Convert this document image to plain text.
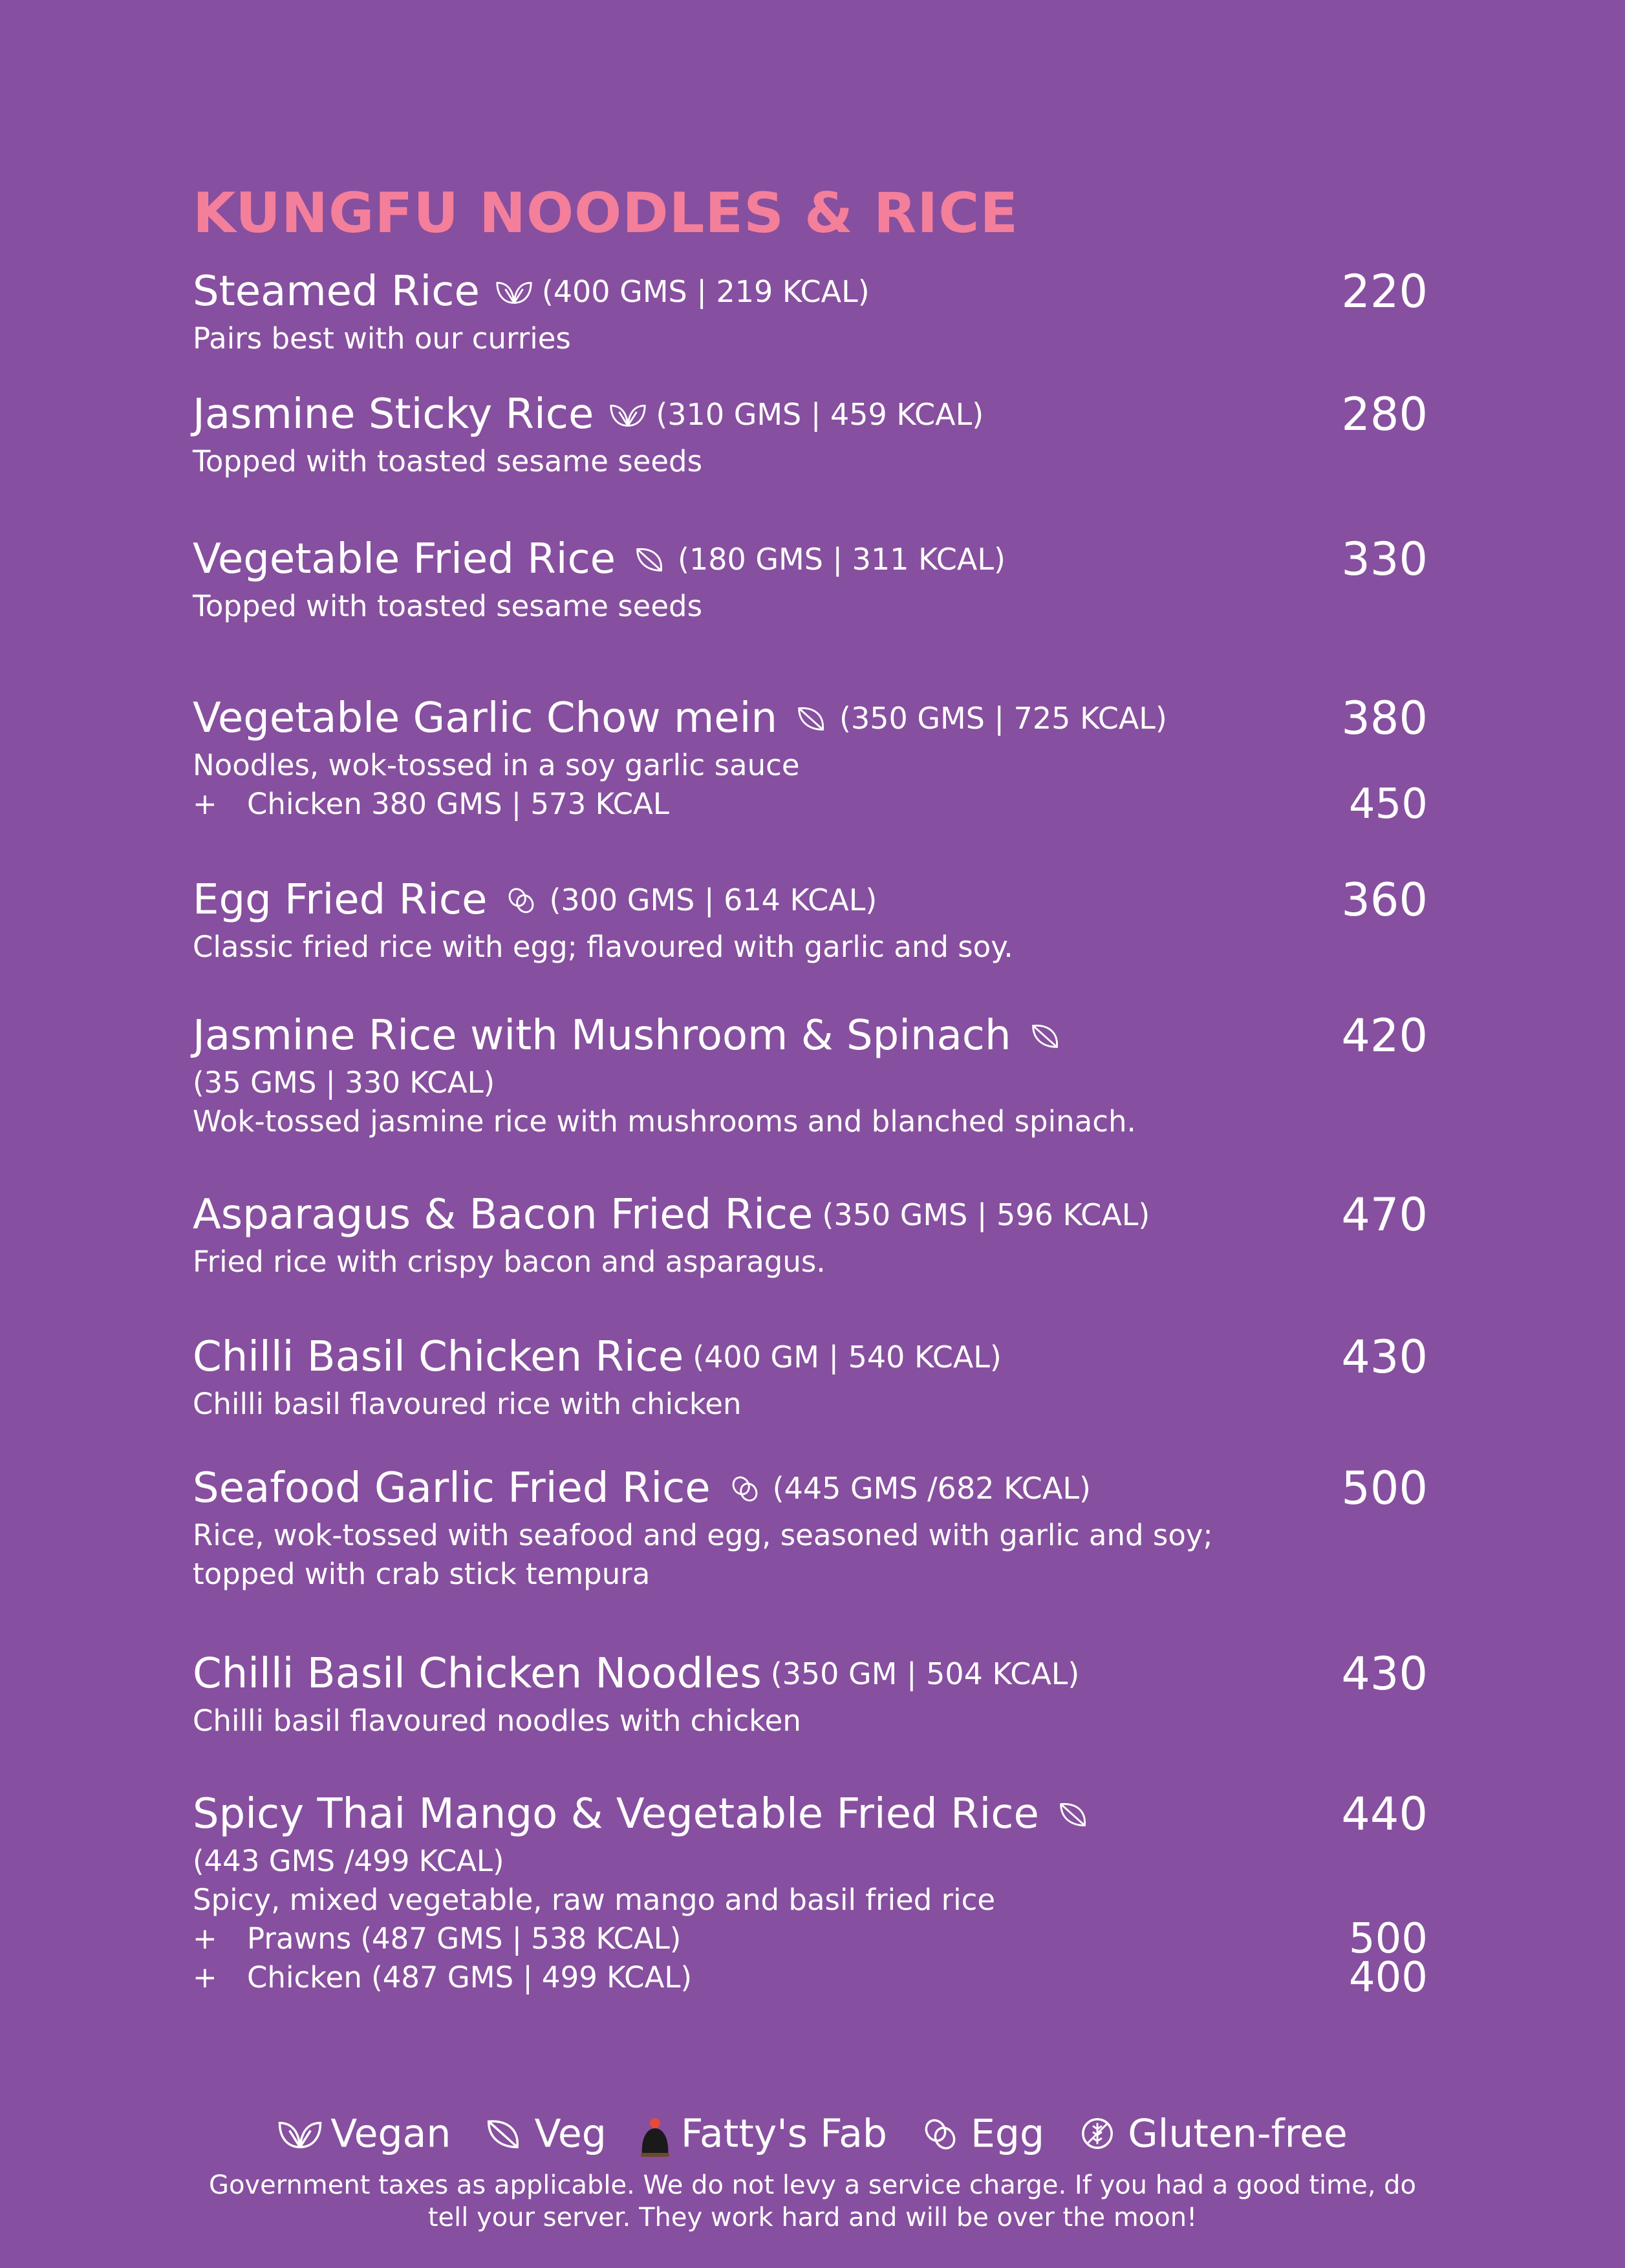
KUNGFU NOODLES & RICE
Steamed Rice (400 GMS | 219 KCAL)	220
Pairs best with our curries
Jasmine Sticky Rice (310 GMS | 459 KCAL)	280
Topped with toasted sesame seeds
Vegetable Fried Rice (180 GMS | 311 KCAL)	330
Topped with toasted sesame seeds
Vegetable Garlic Chow mein (350 GMS | 725 KCAL)	380
Noodles, wok-tossed in a soy garlic sauce
+ Chicken 380 GMS | 573 KCAL	450
Egg Fried Rice (300 GMS | 614 KCAL)	360
Classic fried rice with egg; flavoured with garlic and soy.
Jasmine Rice with Mushroom & Spinach	420
(35 GMS | 330 KCAL)
Wok-tossed jasmine rice with mushrooms and blanched spinach.
Asparagus & Bacon Fried Rice (350 GMS | 596 KCAL)	470
Fried rice with crispy bacon and asparagus.
Chilli Basil Chicken Rice (400 GM | 540 KCAL)	430
Chilli basil flavoured rice with chicken
Seafood Garlic Fried Rice (445 GMS /682 KCAL)	500
Rice, wok-tossed with seafood and egg, seasoned with garlic and soy;
topped with crab stick tempura
Chilli Basil Chicken Noodles (350 GM | 504 KCAL)	430
Chilli basil flavoured noodles with chicken
Spicy Thai Mango & Vegetable Fried Rice	440
(443 GMS /499 KCAL)
Spicy, mixed vegetable, raw mango and basil fried rice
+ Prawns (487 GMS | 538 KCAL)	500
+ Chicken (487 GMS | 499 KCAL)	400
Vegan Veg Fatty's Fab Egg Gluten-free
Government taxes as applicable. We do not levy a service charge. If you had a good time, do tell your server. They work hard and will be over the moon!
